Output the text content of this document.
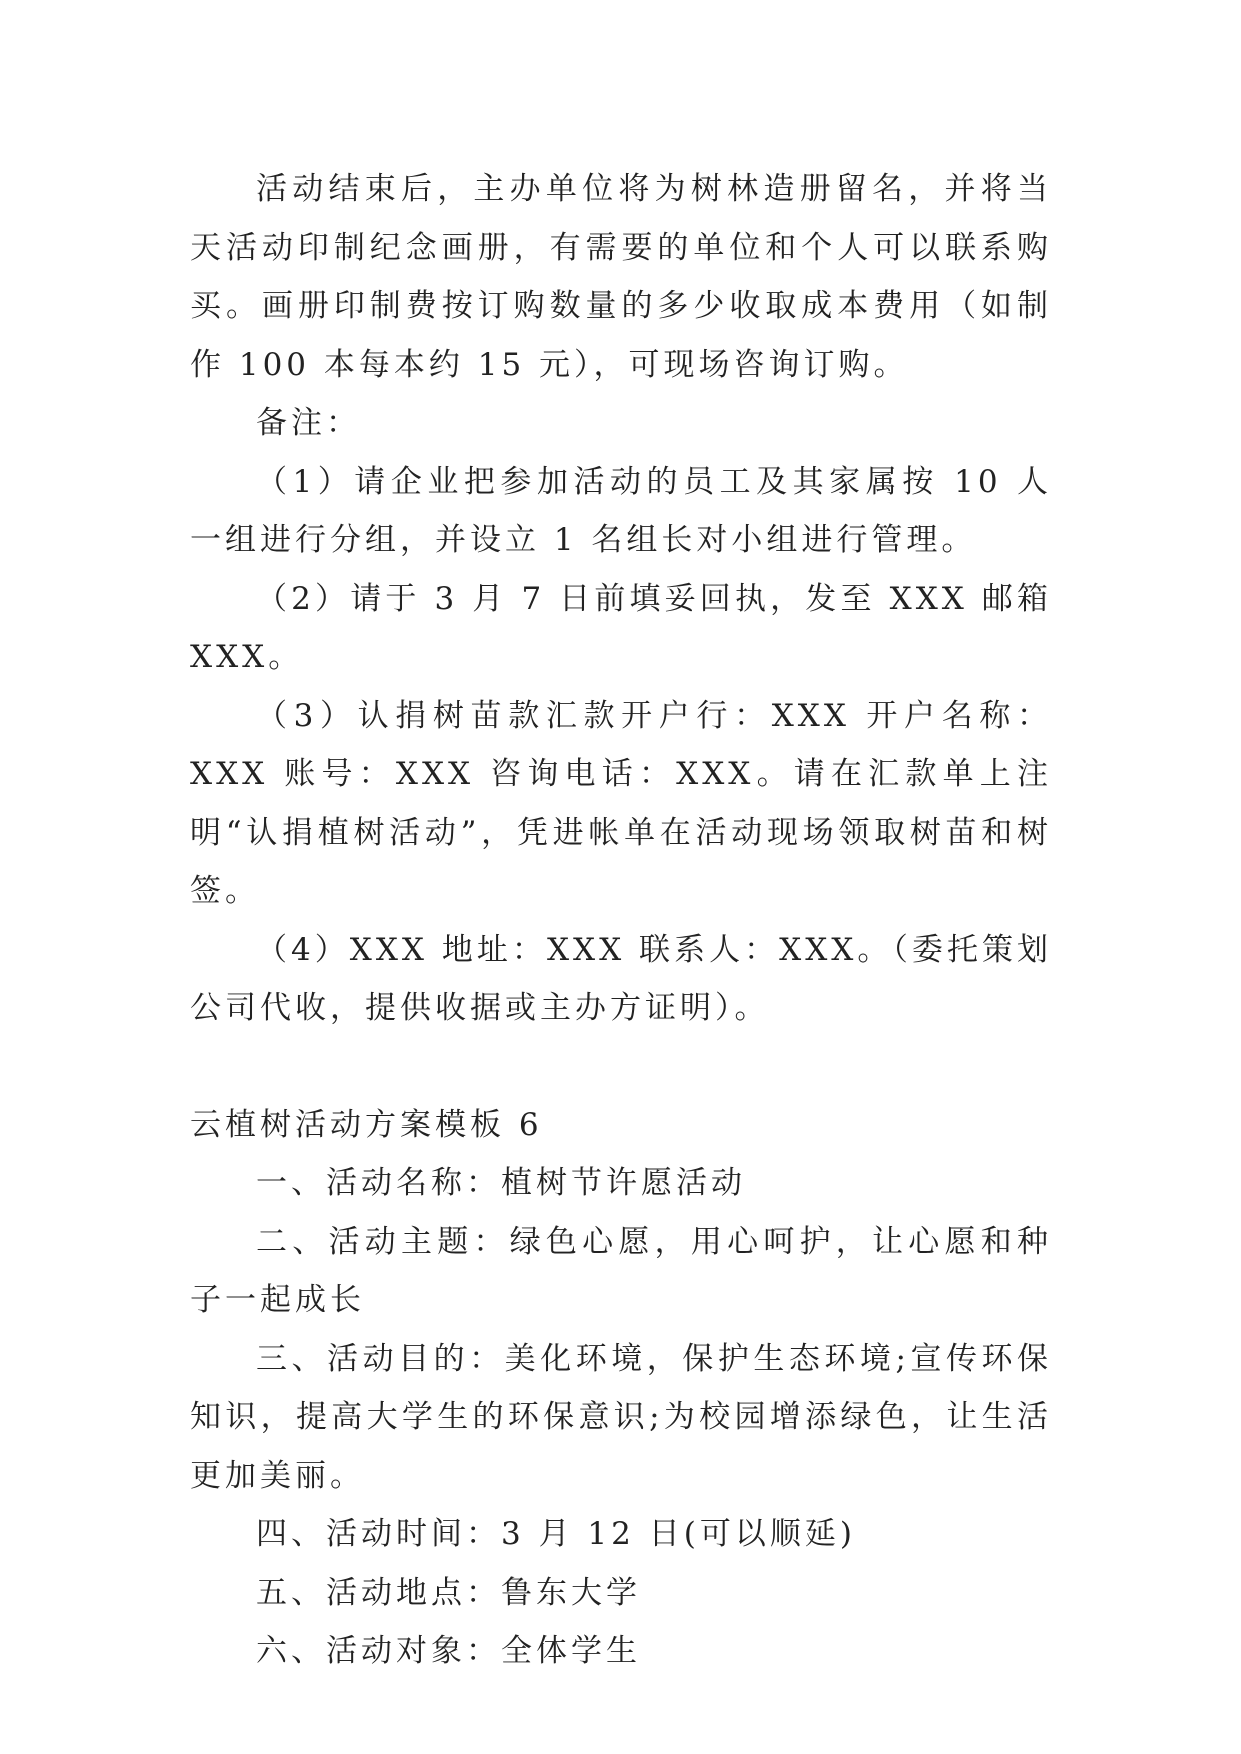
活动结束后，主办单位将为树林造册留名，并将当天活动印制纪念画册，有需要的单位和个人可以联系购买。画册印制费按订购数量的多少收取成本费用（如制作 100 本每本约 15 元），可现场咨询订购。

备注：

（1）请企业把参加活动的员工及其家属按 10 人一组进行分组，并设立 1 名组长对小组进行管理。

（2）请于 3 月 7 日前填妥回执，发至 XXX 邮箱 XXX。

（3）认捐树苗款汇款开户行：XXX 开户名称：XXX 账号：XXX 咨询电话：XXX。请在汇款单上注明“认捐植树活动”，凭进帐单在活动现场领取树苗和树签。

（4）XXX 地址：XXX 联系人：XXX。（委托策划公司代收，提供收据或主办方证明）。

云植树活动方案模板 6

一、活动名称：植树节许愿活动

二、活动主题：绿色心愿，用心呵护，让心愿和种子一起成长

三、活动目的：美化环境，保护生态环境;宣传环保知识，提高大学生的环保意识;为校园增添绿色，让生活更加美丽。

四、活动时间：3 月 12 日(可以顺延)

五、活动地点：鲁东大学

六、活动对象：全体学生
